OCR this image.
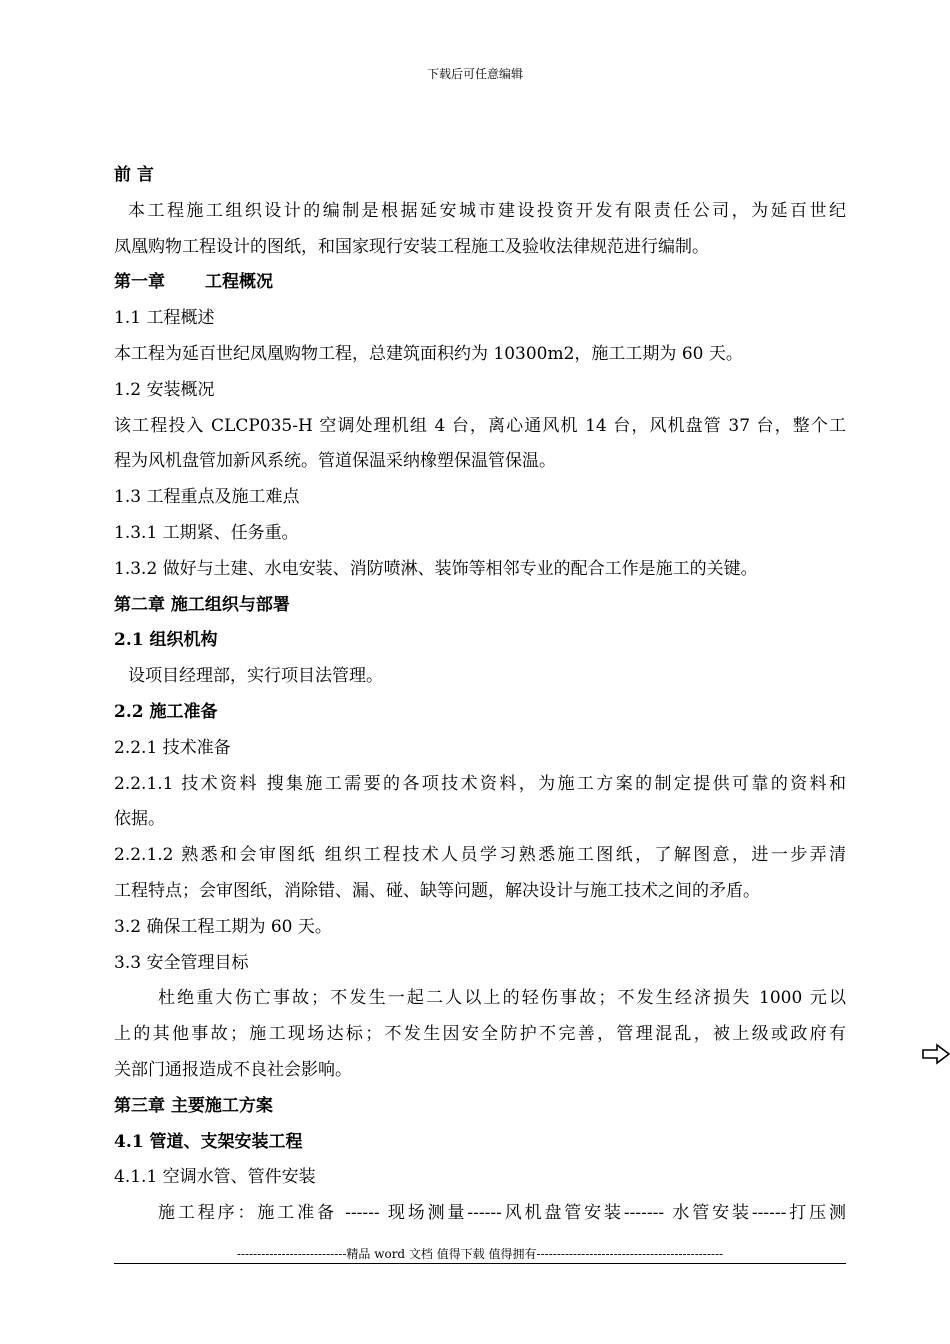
下载后可任意编辑
前 言
本工程施工组织设计的编制是根据延安城市建设投资开发有限责任公司，为延百世纪
凤凰购物工程设计的图纸，和国家现行安装工程施工及验收法律规范进行编制。
第一章 工程概况
1.1 工程概述
本工程为延百世纪凤凰购物工程，总建筑面积约为 10300m2，施工工期为 60 天。
1.2 安装概况
该工程投入 CLCP035-H 空调处理机组 4 台，离心通风机 14 台，风机盘管 37 台，整个工
程为风机盘管加新风系统。管道保温采纳橡塑保温管保温。
1.3 工程重点及施工难点
1.3.1 工期紧、任务重。
1.3.2 做好与土建、水电安装、消防喷淋、装饰等相邻专业的配合工作是施工的关键。
第二章 施工组织与部署
2.1 组织机构
设项目经理部，实行项目法管理。
2.2 施工准备
2.2.1 技术准备
2.2.1.1 技术资料 搜集施工需要的各项技术资料，为施工方案的制定提供可靠的资料和
依据。
2.2.1.2 熟悉和会审图纸 组织工程技术人员学习熟悉施工图纸，了解图意，进一步弄清
工程特点；会审图纸，消除错、漏、碰、缺等问题，解决设计与施工技术之间的矛盾。
3.2 确保工程工期为 60 天。
3.3 安全管理目标
杜绝重大伤亡事故；不发生一起二人以上的轻伤事故；不发生经济损失 1000 元以
上的其他事故；施工现场达标；不发生因安全防护不完善，管理混乱，被上级或政府有
关部门通报造成不良社会影响。
第三章 主要施工方案
4.1 管道、支架安装工程
4.1.1 空调水管、管件安装
施工程序：施工准备 ------ 现场测量------风机盘管安装------- 水管安装------打压测
---------------------------精品 word 文档 值得下载 值得拥有----------------------------------------------
